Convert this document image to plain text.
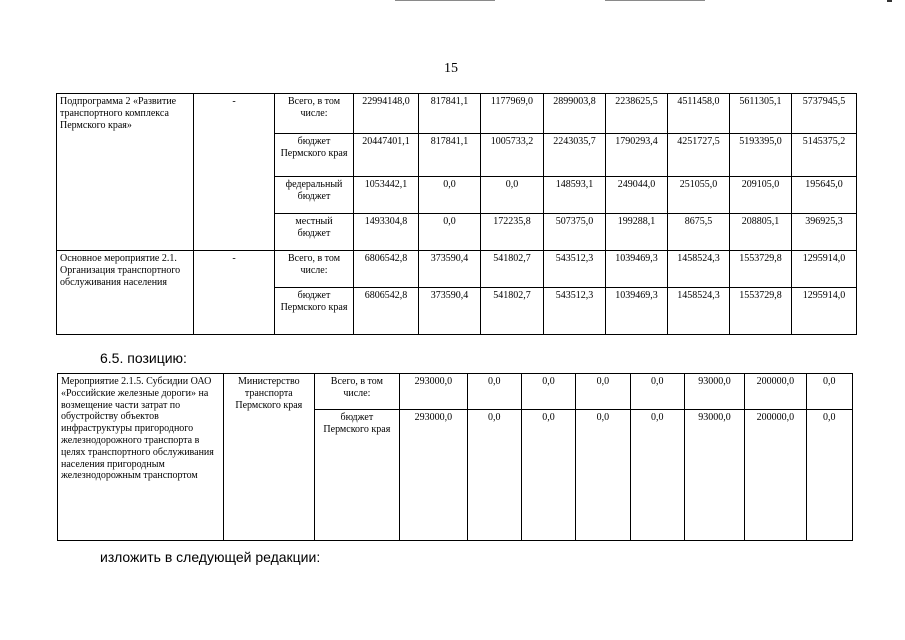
15
Подпрограмма 2 «Развитие транспортного комплекса Пермского края»	-	Всего, в том числе:	22994148,0	817841,1	1177969,0	2899003,8	2238625,5	4511458,0	5611305,1	5737945,5
		бюджет Пермского края	20447401,1	817841,1	1005733,2	2243035,7	1790293,4	4251727,5	5193395,0	5145375,2
		федеральный бюджет	1053442,1	0,0	0,0	148593,1	249044,0	251055,0	209105,0	195645,0
		местный бюджет	1493304,8	0,0	172235,8	507375,0	199288,1	8675,5	208805,1	396925,3
Основное мероприятие 2.1. Организация транспортного обслуживания населения	-	Всего, в том числе:	6806542,8	373590,4	541802,7	543512,3	1039469,3	1458524,3	1553729,8	1295914,0
		бюджет Пермского края	6806542,8	373590,4	541802,7	543512,3	1039469,3	1458524,3	1553729,8	1295914,0
6.5. позицию:
Мероприятие 2.1.5. Субсидии ОАО «Российские железные дороги» на возмещение части затрат по обустройству объектов инфраструктуры пригородного железнодорожного транспорта в целях транспортного обслуживания населения пригородным железнодорожным транспортом	Министерство транспорта Пермского края	Всего, в том числе:	293000,0	0,0	0,0	0,0	0,0	93000,0	200000,0	0,0
		бюджет Пермского края	293000,0	0,0	0,0	0,0	0,0	93000,0	200000,0	0,0
изложить в следующей редакции:
